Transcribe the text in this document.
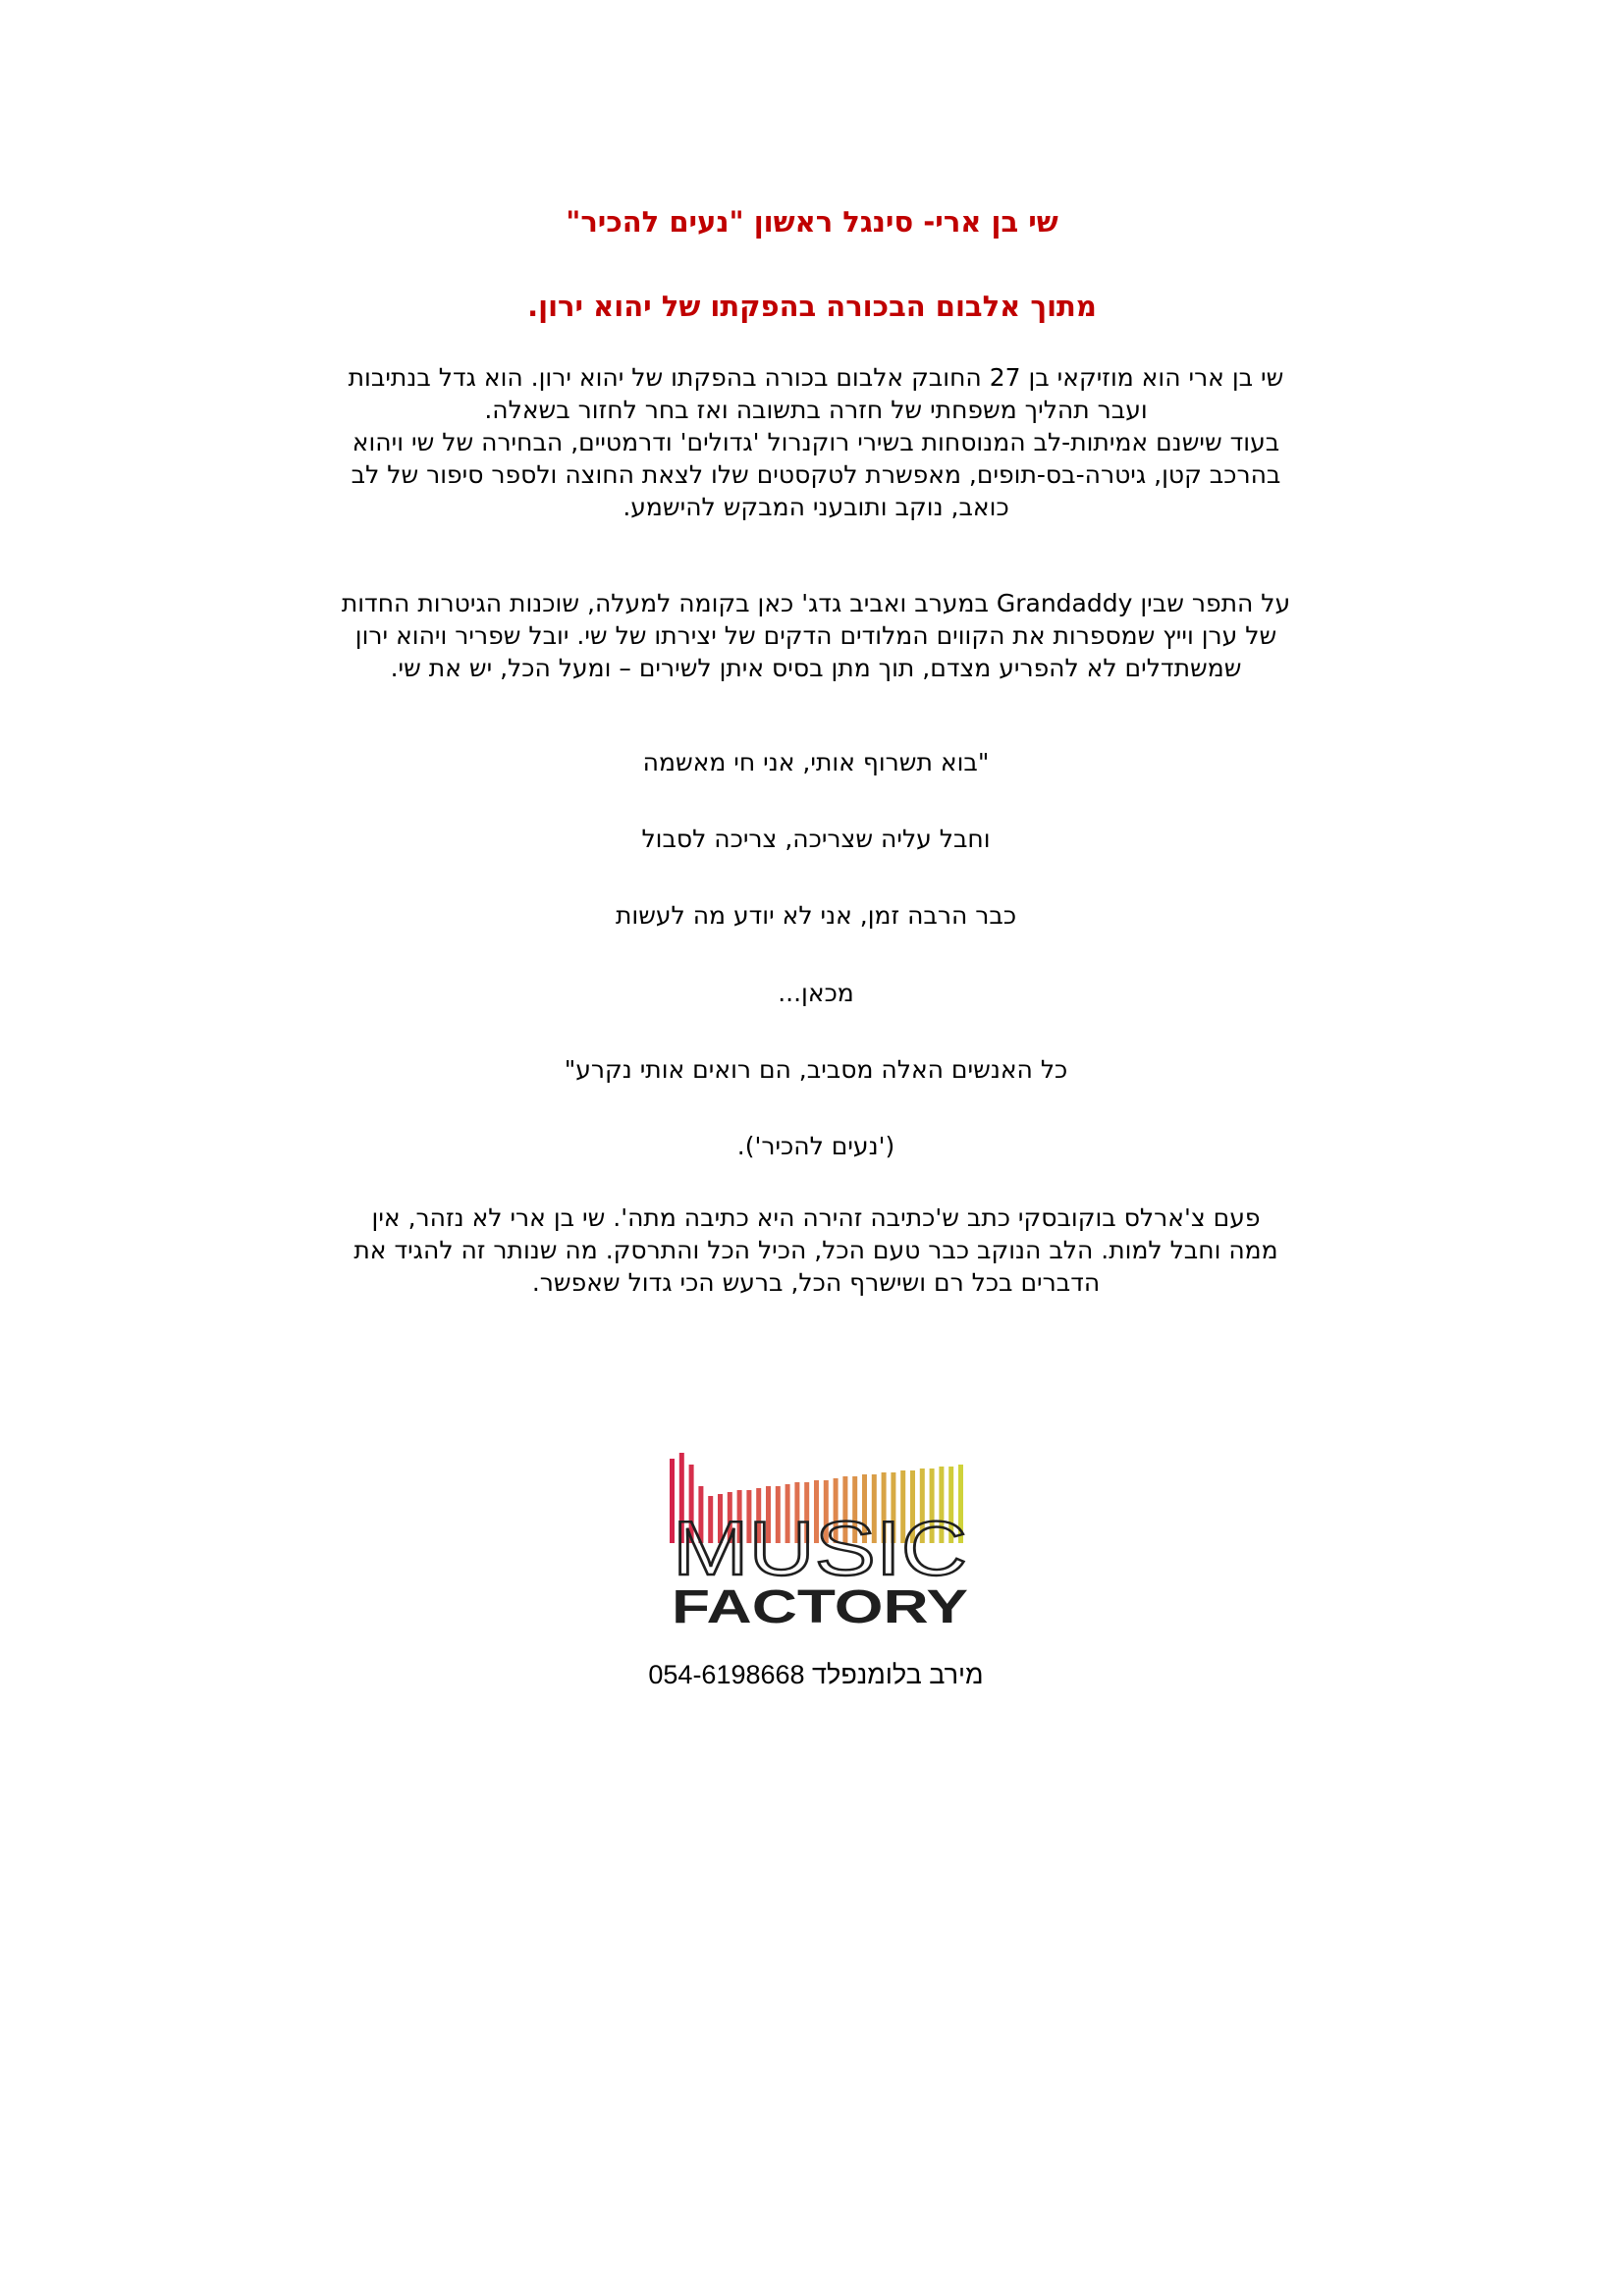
שי בן ארי- סינגל ראשון "נעים להכיר"
מתוך אלבום הבכורה בהפקתו של יהוא ירון.

שי בן ארי הוא מוזיקאי בן 27 החובק אלבום בכורה בהפקתו של יהוא ירון. הוא גדל בנתיבות
ועבר תהליך משפחתי של חזרה בתשובה ואז בחר לחזור בשאלה.
בעוד שישנם אמיתות-לב המנוסחות בשירי רוקנרול 'גדולים' ודרמטיים, הבחירה של שי ויהוא
בהרכב קטן, גיטרה-בס-תופים, מאפשרת לטקסטים שלו לצאת החוצה ולספר סיפור של לב
כואב, נוקב ותובעני המבקש להישמע.

על התפר שבין Grandaddy במערב ואביב גדג' כאן בקומה למעלה, שוכנות הגיטרות החדות
של ערן וייץ שמספרות את הקווים המלודים הדקים של יצירתו של שי. יובל שפריר ויהוא ירון
שמשתדלים לא להפריע מצדם, תוך מתן בסיס איתן לשירים – ומעל הכל, יש את שי.

"בוא תשרוף אותי, אני חי מאשמה
וחבל עליה שצריכה, צריכה לסבול
כבר הרבה זמן, אני לא יודע מה לעשות
מכאן...
כל האנשים האלה מסביב, הם רואים אותי נקרע"
('נעים להכיר').

פעם צ'ארלס בוקובסקי כתב ש'כתיבה זהירה היא כתיבה מתה'. שי בן ארי לא נזהר, אין
ממה וחבל למות. הלב הנוקב כבר טעם הכל, הכיל הכל והתרסק. מה שנותר זה להגיד את
הדברים בכל רם ושישרף הכל, ברעש הכי גדול שאפשר.

MUSIC
FACTORY
מירב בלומנפלד 054-6198668
